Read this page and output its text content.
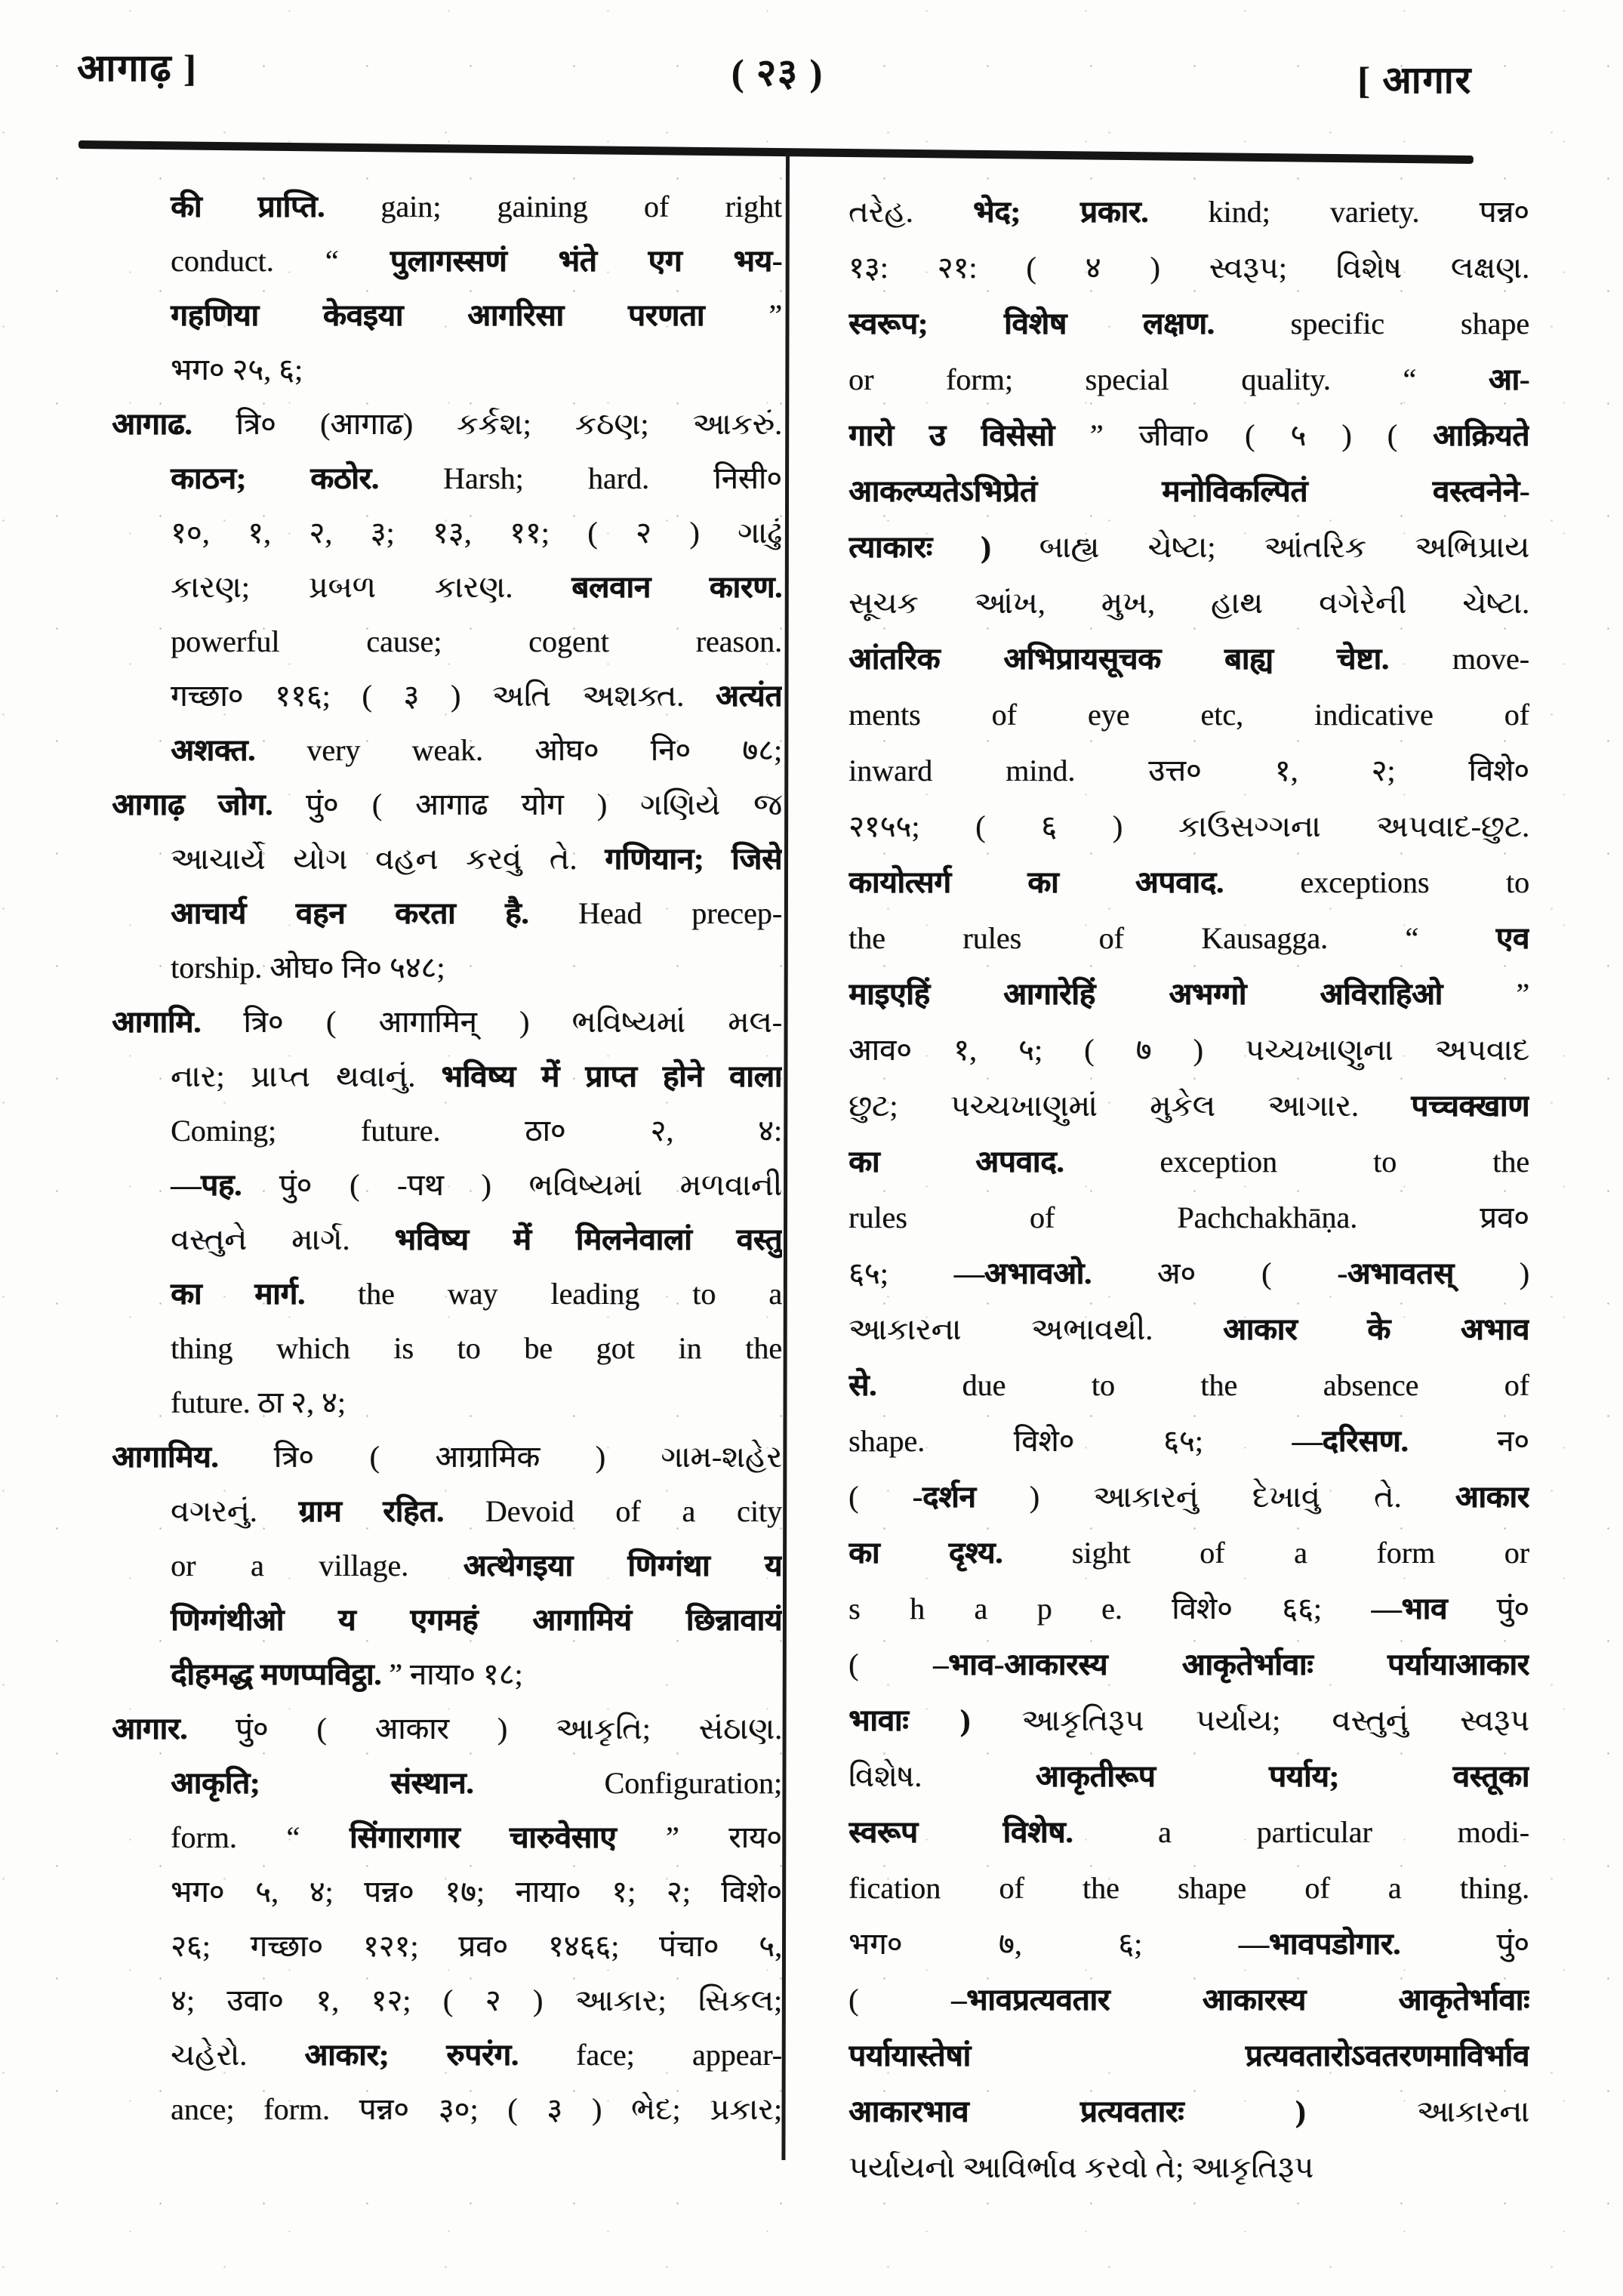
आगाढ़ ]	( २३ )	[ आगार
की प्राप्ति. gain; gaining of right
conduct. “ पुलागस्सणं भंते एग भय-
गहणिया केवइया आगरिसा परणता ”
भग० २५, ६;
आगाढ. त्रि० (आगाढ) કર્કશ; કઠણ; આકરું.
काठन; कठोर. Harsh; hard. निसी०
१०, १, २, ३; १३, ११; ( २ ) ગાઢું
કારણ; પ્રબળ કારણ. बलवान कारण.
powerful cause; cogent reason.
गच्छा० ११६; ( ३ ) અતિ અશક્ત. अत्यंत
अशक्त. very weak. ओघ० नि० ७८;
आगाढ़ जोग. पुं० ( आगाढ योग ) ગણિયે જ
આચાર્યે યોગ વહન કરવું તે. गणियान; जिसे
आचार्य वहन करता है. Head precep-
torship. ओघ० नि० ५४८;
आगामि. त्रि० ( आगामिन् ) ભવિષ્યમાં મલ-
નાર; પ્રાપ્ત થવાનું. भविष्य में प्राप्त होने वाला
Coming; future. ठा० २, ४:
—पह. पुं० ( -पथ ) ભવિષ્યમાં મળવાની
વસ્તુને માર્ગ. भविष्य में मिलनेवालां वस्तु
का मार्ग. the way leading to a
thing which is to be got in the
future. ठा २, ४;
आगामिय. त्रि० ( आग्रामिक ) ગામ-શહેર
વગરનું. ग्राम रहित. Devoid of a city
or a village. अत्थेगइया णिग्गंथा य
णिग्गंथीओ य एगमहं आगामियं छिन्नावायं
दीहमद्ध मणप्पविट्ठा. ” नाया० १८;
आगार. पुं० ( आकार ) આકૃતિ; સંઠાણ.
आकृति; संस्थान. Configuration;
form. “ सिंगारागार चारुवेसाए ” राय०
भग० ५, ४; पन्न० १७; नाया० १; २; विशे०
२६; गच्छा० १२१; प्रव० १४६६; पंचा० ५,
४; उवा० १, १२; ( २ ) આકાર; સિકલ;
ચહેરો. आकार; रुपरंग. face; appear-
ance; form. पन्न० ३०; ( ३ ) ભેદ; પ્રકાર;
તરેહ. भेद; प्रकार. kind; variety. पन्न०
१३: २१: ( ४ ) સ્વરૂપ; વિશેષ લક્ષણ.
स्वरूप; विशेष लक्षण. specific shape
or form; special quality. “ आ-
गारो उ विसेसो ” जीवा० ( ५ ) ( आक्रियते
आकल्प्यतेऽभिप्रेतं मनोविकल्पितं वस्त्वनेने-
त्याकारः ) બાહ્ય ચેષ્ટા; આંતરિક અભિપ્રાય
સૂચક આંખ, મુખ, હાથ વગેરેની ચેષ્ટા.
आंतरिक अभिप्रायसूचक बाह्य चेष्टा. move-
ments of eye etc, indicative of
inward mind. उत्त० १, २; विशे०
२१५५; ( ६ ) કાઉસગ્ગના અપવાદ-છુટ.
कायोत्सर्ग का अपवाद. exceptions to
the rules of Kausagga. “ एव
माइएहिं आगारेहिं अभग्गो अविराहिओ ”
आव० १, ५; ( ७ ) પચ્ચખાણુના અપવાદ
છુટ; પચ્ચખાણુમાં મુકેલ આગાર. पच्चक्खाण
का अपवाद. exception to the
rules of Pachchakhāṇa. प्रव०
६५; —अभावओ. अ० ( -अभावतस् )
આકારના અભાવથી. आकार के अभाव
से. due to the absence of
shape. विशे० ६५; —दरिसण. न०
( -दर्शन ) આકારનું દેખાવું તે. आकार
का दृश्य. sight of a form or
s h a p e. विशे० ६६; —भाव पुं०
( –भाव-आकारस्य आकृतेर्भावाः पर्यायाआकार
भावाः ) આકૃતિરૂપ પર્યાય; વસ્તુનું સ્વરૂપ
વિશેષ. आकृतीरूप पर्याय; वस्तूका
स्वरूप विशेष. a particular modi-
fication of the shape of a thing.
भग० ७, ६; —भावपडोगार. पुं०
( –भावप्रत्यवतार आकारस्य आकृतेर्भावाः
पर्यायास्तेषां प्रत्यवतारोऽवतरणमाविर्भाव
आकारभाव प्रत्यवतारः ) આકારના
પર્યાયનો આવિર્ભાવ કરવો તે; આકૃતિરૂપ
